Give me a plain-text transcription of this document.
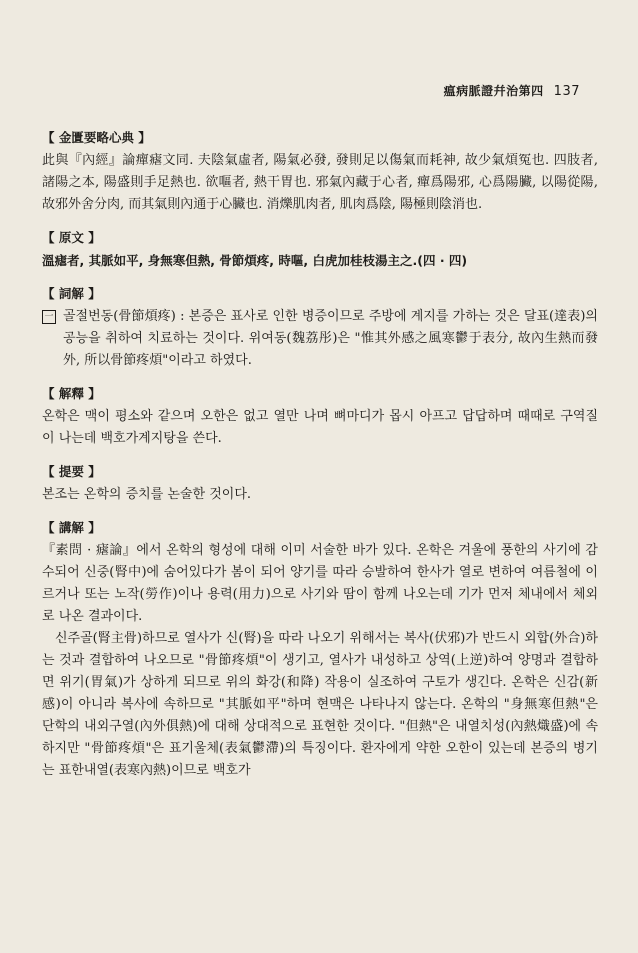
瘟病脈證幷治第四 137
【 金匱要略心典 】

此與『內經』論癉瘧文同. 夫陰氣虛者, 陽氣必發, 發則足以傷氣而耗神, 故少氣煩冤也. 四肢者, 諸陽之本, 陽盛則手足熱也. 欲嘔者, 熱干胃也. 邪氣內藏于心者, 癉爲陽邪, 心爲陽臟, 以陽從陽, 故邪外舍分肉, 而其氣則內通于心臟也. 消爍肌肉者, 肌肉爲陰, 陽極則陰消也.

【 原文 】

溫瘧者, 其脈如平, 身無寒但熱, 骨節煩疼, 時嘔, 白虎加桂枝湯主之.(四 · 四)

【 詞解 】
一 골절번동(骨節煩疼) : 본증은 표사로 인한 병증이므로 주방에 계지를 가하는 것은 달표(達表)의 공능을 취하여 치료하는 것이다. 위여동(魏荔彤)은 "惟其外感之風寒鬱于表分, 故內生熱而發外, 所以骨節疼煩"이라고 하였다.

【 解釋 】

온학은 맥이 평소와 같으며 오한은 없고 열만 나며 뼈마디가 몹시 아프고 답답하며 때때로 구역질이 나는데 백호가계지탕을 쓴다.

【 提要 】

본조는 온학의 증치를 논술한 것이다.

【 講解 】

『素問 · 瘧論』에서 온학의 형성에 대해 이미 서술한 바가 있다. 온학은 겨울에 풍한의 사기에 감수되어 신중(腎中)에 숨어있다가 봄이 되어 양기를 따라 승발하여 한사가 열로 변하여 여름철에 이르거나 또는 노작(勞作)이나 용력(用力)으로 사기와 땀이 함께 나오는데 기가 먼저 체내에서 체외로 나온 결과이다.

신주골(腎主骨)하므로 열사가 신(腎)을 따라 나오기 위해서는 복사(伏邪)가 반드시 외합(外合)하는 것과 결합하여 나오므로 "骨節疼煩"이 생기고, 열사가 내성하고 상역(上逆)하여 양명과 결합하면 위기(胃氣)가 상하게 되므로 위의 화강(和降) 작용이 실조하여 구토가 생긴다. 온학은 신감(新感)이 아니라 복사에 속하므로 "其脈如平"하며 현맥은 나타나지 않는다. 온학의 "身無寒但熱"은 단학의 내외구열(內外俱熱)에 대해 상대적으로 표현한 것이다. "但熱"은 내열치성(內熱熾盛)에 속하지만 "骨節疼煩"은 표기울체(表氣鬱滯)의 특징이다. 환자에게 약한 오한이 있는데 본증의 병기는 표한내열(表寒內熱)이므로 백호가
